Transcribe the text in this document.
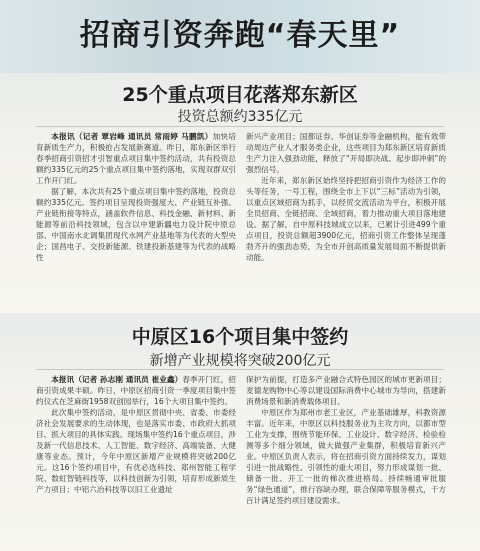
招商引资奔跑“春天里”
25个重点项目花落郑东新区
投资总额约335亿元

本报讯（记者 覃岩峰 通讯员 常雨婷 马鹏凯）加快培育新质生产力，积极抢占发展新赛道。昨日，郑东新区举行春季招商引资招才引智重点项目集中签约活动，共有投资总额约335亿元的25个重点项目集中签约落地，实现双群双引工作开门红。

据了解，本次共有25个重点项目集中签约落地，投资总额约335亿元。签约项目呈现投资强度大、产业链互补强、产业链衔接等特点，涵盖软件信息、科技金融、新材料、新能源等前沿科技领域，包含以中建新疆电力设计院中原总部、中国南水北调集团现代水网产业基地等为代表的大型央企；国昌电子、交投新能源、铁建投新基建等为代表的战略性

新兴产业项目；国都证券、华创证券等金融机构，能有效带动周边产业人才服务类企业，这些项目为郑东新区培育新质生产力注入强劲动能，释放了“开局即决战、起步即冲刺”的强烈信号。

近年来，郑东新区始终坚持把招商引资作为经济工作的头等任务，一号工程，围绕全市上下以“三标”活动为引领，以重点区域招商为抓手，以经贸交流活动为平台，积极开展全员招商、全链招商、全域招商，着力推动重大项目落地建设。据了解，自中原科技城成立以来，已累计引进499个重点项目，投资总额超3900亿元，招商引资工作整体呈现蓬勃齐升的强劲态势，为全市开创高质量发展局面不断提供新动能。

中原区16个项目集中签约
新增产业规模将突破200亿元

本报讯（记者 孙志刚 通讯员 崔业鑫）春季开门红，招商引资成果丰硕。昨日，中原区招商引资一季度项目集中签约仪式在芝麻街1958双创园举行，16个大项目集中签约。

此次集中签约活动，是中原区贯彻中央、省委、市委经济社会发展要求的生动体现，也是落实市委、市政府大抓项目、抓大项目的具体实践。现场集中签约16个重点项目，涉及新一代信息技术、人工智能、数字经济、高端装备、大健康等业态。预计，今年中原区新增产业规模将突破200亿元。这16个签约项目中，有优必选科技、郑州智能工程学院、数虹智链科技等，以科技创新为引领，培育形成新质生产力项目；中铝六冶科技等以旧工业遗址

保护为前提，打造多产业融合式特色园区的城市更新项目；麦德龙购物中心等以建设国际消费中心城市为导向，搭建新消费场景和新消费载体项目。

中原区作为郑州市老工业区，产业基础雄厚，科教资源丰富。近年来，中原区以科技服务业为主攻方向，以都市型工业为支撑，围绕节能环保、工业设计、数字经济、检验检测等多个细分领域，做大做强产业集群，积极培育新兴产业。中原区负责人表示，将在招商引资方面持续发力，谋划引进一批战略性、引领性的重大项目，努力形成谋划一批、储备一批、开工一批的梯次推进格局。持续畅通审批服务“绿色通道”，推行容缺办理，联合保障等服务模式，千方百计满足签约项目建设需求。
